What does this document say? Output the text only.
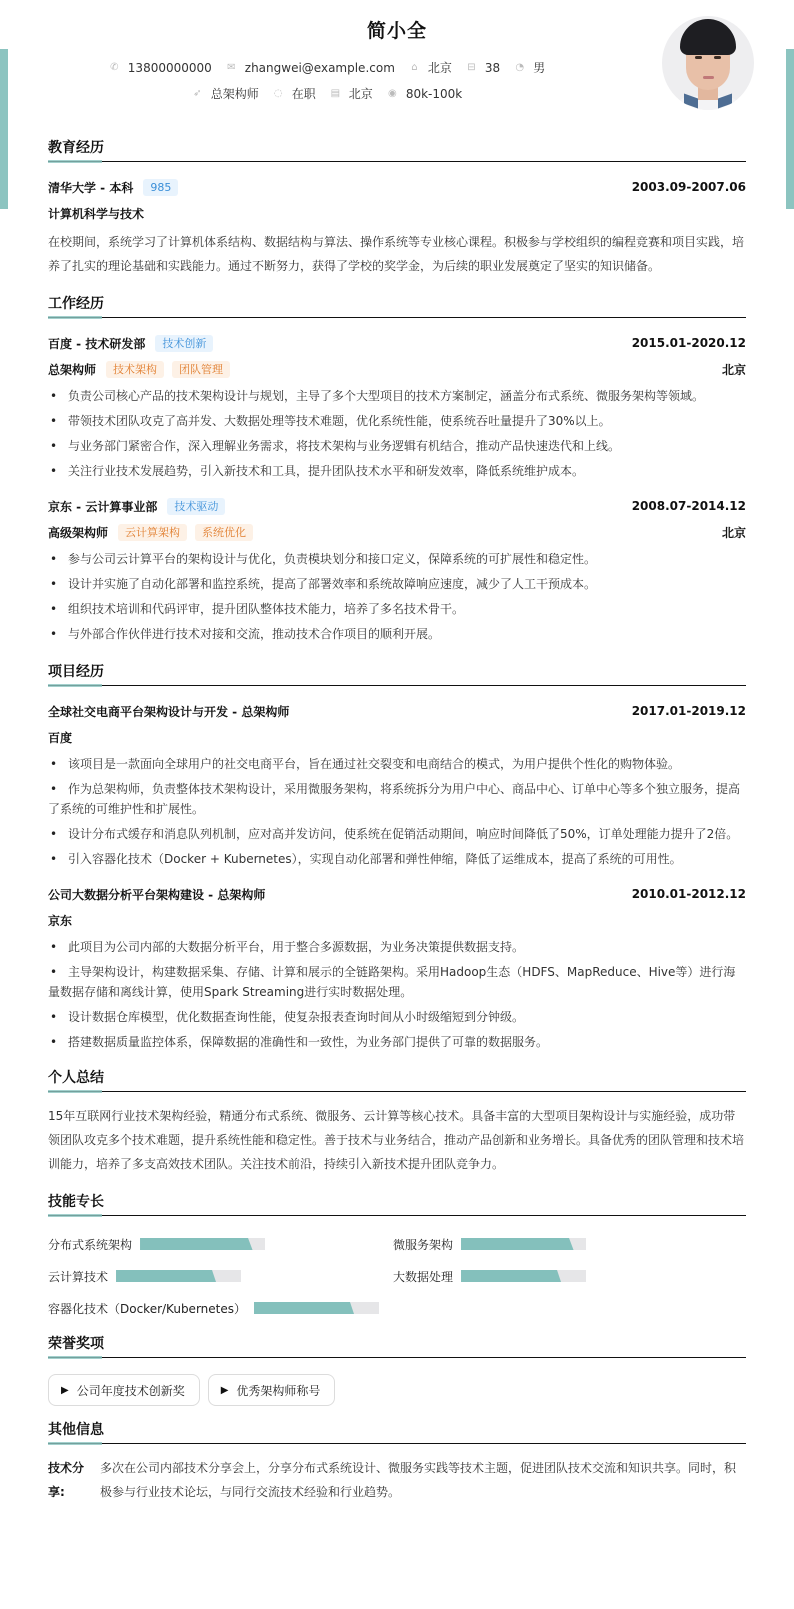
简小全
✆ 13800000000 ✉ zhangwei@example.com ⌂ 北京 ⊟ 38 ◔ 男
➶ 总架构师 ◌ 在职 ▤ 北京 ◉ 80k-100k
教育经历
清华大学 - 本科	985	2003.09-2007.06
计算机科学与技术
在校期间，系统学习了计算机体系结构、数据结构与算法、操作系统等专业核心课程。积极参与学校组织的编程竞赛和项目实践，培养了扎实的理论基础和实践能力。通过不断努力，获得了学校的奖学金，为后续的职业发展奠定了坚实的知识储备。
工作经历
百度 - 技术研发部	技术创新	2015.01-2020.12
总架构师	技术架构	团队管理	北京
• 负责公司核心产品的技术架构设计与规划，主导了多个大型项目的技术方案制定，涵盖分布式系统、微服务架构等领域。
• 带领技术团队攻克了高并发、大数据处理等技术难题，优化系统性能，使系统吞吐量提升了30%以上。
• 与业务部门紧密合作，深入理解业务需求，将技术架构与业务逻辑有机结合，推动产品快速迭代和上线。
• 关注行业技术发展趋势，引入新技术和工具，提升团队技术水平和研发效率，降低系统维护成本。
京东 - 云计算事业部	技术驱动	2008.07-2014.12
高级架构师	云计算架构	系统优化	北京
• 参与公司云计算平台的架构设计与优化，负责模块划分和接口定义，保障系统的可扩展性和稳定性。
• 设计并实施了自动化部署和监控系统，提高了部署效率和系统故障响应速度，减少了人工干预成本。
• 组织技术培训和代码评审，提升团队整体技术能力，培养了多名技术骨干。
• 与外部合作伙伴进行技术对接和交流，推动技术合作项目的顺利开展。
项目经历
全球社交电商平台架构设计与开发 - 总架构师	2017.01-2019.12
百度
• 该项目是一款面向全球用户的社交电商平台，旨在通过社交裂变和电商结合的模式，为用户提供个性化的购物体验。
• 作为总架构师，负责整体技术架构设计，采用微服务架构，将系统拆分为用户中心、商品中心、订单中心等多个独立服务，提高了系统的可维护性和扩展性。
• 设计分布式缓存和消息队列机制，应对高并发访问，使系统在促销活动期间，响应时间降低了50%，订单处理能力提升了2倍。
• 引入容器化技术（Docker + Kubernetes），实现自动化部署和弹性伸缩，降低了运维成本，提高了系统的可用性。
公司大数据分析平台架构建设 - 总架构师	2010.01-2012.12
京东
• 此项目为公司内部的大数据分析平台，用于整合多源数据，为业务决策提供数据支持。
• 主导架构设计，构建数据采集、存储、计算和展示的全链路架构。采用Hadoop生态（HDFS、MapReduce、Hive等）进行海量数据存储和离线计算，使用Spark Streaming进行实时数据处理。
• 设计数据仓库模型，优化数据查询性能，使复杂报表查询时间从小时级缩短到分钟级。
• 搭建数据质量监控体系，保障数据的准确性和一致性，为业务部门提供了可靠的数据服务。
个人总结
15年互联网行业技术架构经验，精通分布式系统、微服务、云计算等核心技术。具备丰富的大型项目架构设计与实施经验，成功带领团队攻克多个技术难题，提升系统性能和稳定性。善于技术与业务结合，推动产品创新和业务增长。具备优秀的团队管理和技术培训能力，培养了多支高效技术团队。关注技术前沿，持续引入新技术提升团队竞争力。
技能专长
分布式系统架构	微服务架构
云计算技术	大数据处理
容器化技术（Docker/Kubernetes）
荣誉奖项
▶ 公司年度技术创新奖	▶ 优秀架构师称号
其他信息
技术分享:
多次在公司内部技术分享会上，分享分布式系统设计、微服务实践等技术主题，促进团队技术交流和知识共享。同时，积极参与行业技术论坛，与同行交流技术经验和行业趋势。
